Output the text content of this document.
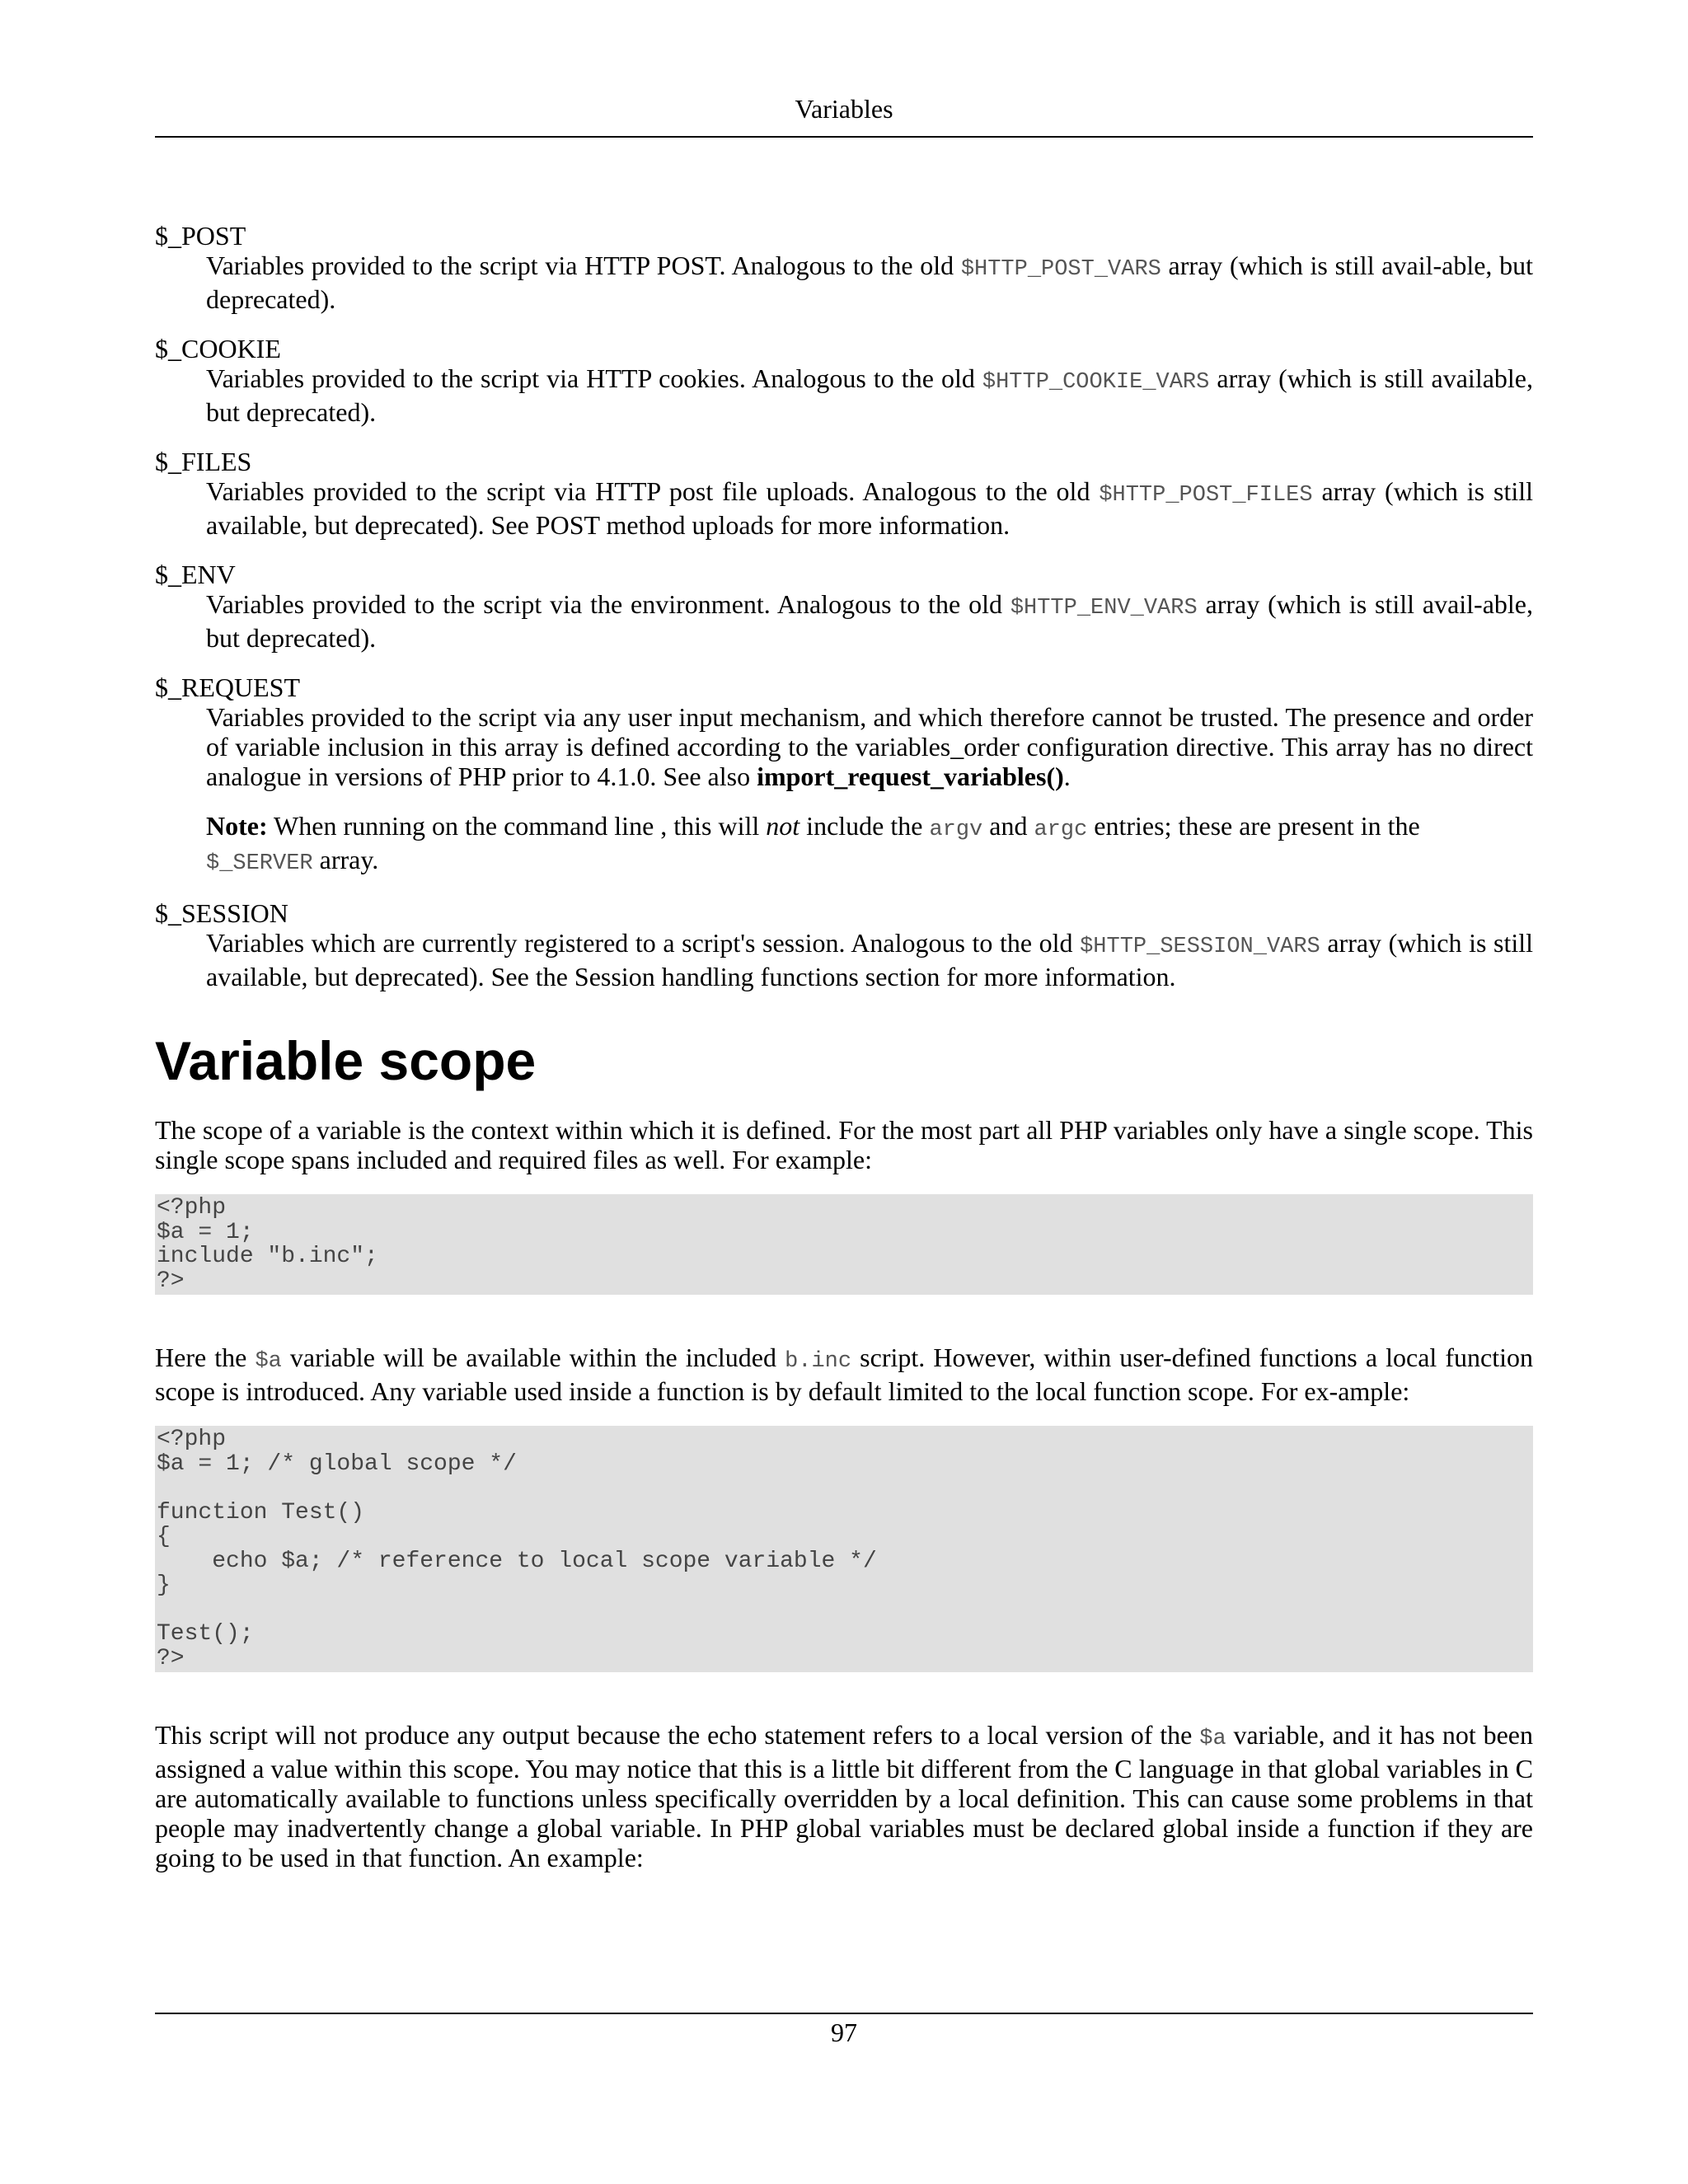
Variables
$_POST
Variables provided to the script via HTTP POST. Analogous to the old $HTTP_POST_VARS array (which is still avail-able, but deprecated).
$_COOKIE
Variables provided to the script via HTTP cookies. Analogous to the old $HTTP_COOKIE_VARS array (which is still available, but deprecated).
$_FILES
Variables provided to the script via HTTP post file uploads. Analogous to the old $HTTP_POST_FILES array (which is still available, but deprecated). See POST method uploads for more information.
$_ENV
Variables provided to the script via the environment. Analogous to the old $HTTP_ENV_VARS array (which is still avail-able, but deprecated).
$_REQUEST
Variables provided to the script via any user input mechanism, and which therefore cannot be trusted. The presence and order of variable inclusion in this array is defined according to the variables_order configuration directive. This array has no direct analogue in versions of PHP prior to 4.1.0. See also import_request_variables().
Note: When running on the command line , this will not include the argv and argc entries; these are present in the $_SERVER array.
$_SESSION
Variables which are currently registered to a script's session. Analogous to the old $HTTP_SESSION_VARS array (which is still available, but deprecated). See the Session handling functions section for more information.
Variable scope

The scope of a variable is the context within which it is defined. For the most part all PHP variables only have a single scope. This single scope spans included and required files as well. For example:

<?php
$a = 1;
include "b.inc";
?>

Here the $a variable will be available within the included b.inc script. However, within user-defined functions a local function scope is introduced. Any variable used inside a function is by default limited to the local function scope. For ex-ample:

<?php
$a = 1; /* global scope */

function Test()
{
echo $a; /* reference to local scope variable */
}

Test();
?>

This script will not produce any output because the echo statement refers to a local version of the $a variable, and it has not been assigned a value within this scope. You may notice that this is a little bit different from the C language in that global variables in C are automatically available to functions unless specifically overridden by a local definition. This can cause some problems in that people may inadvertently change a global variable. In PHP global variables must be declared global inside a function if they are going to be used in that function. An example:

97
